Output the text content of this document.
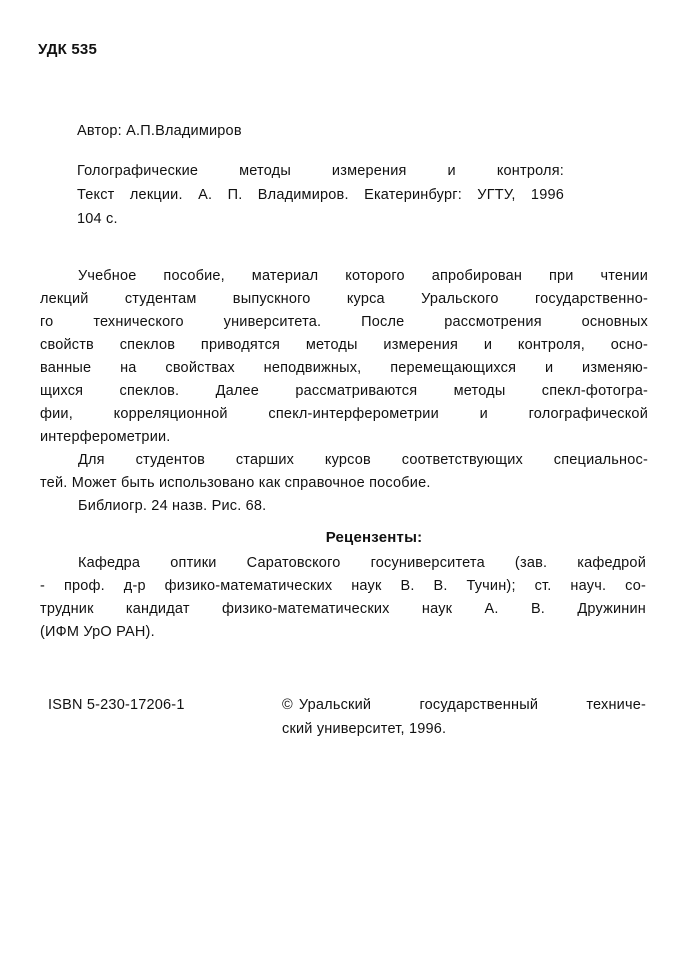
УДК 535
Автор: А.П.Владимиров
Голографические методы измерения и контроля:
Текст лекции. А. П. Владимиров. Екатеринбург: УГТУ, 1996
104 с.
Учебное пособие, материал которого апробирован при чтении
лекций студентам выпускного курса Уральского государственно-
го технического университета. После рассмотрения основных
свойств спеклов приводятся методы измерения и контроля, осно-
ванные на свойствах неподвижных, перемещающихся и изменяю-
щихся спеклов. Далее рассматриваются методы спекл-фотогра-
фии, корреляционной спекл-интерферометрии и голографической
интерферометрии.
Для студентов старших курсов соответствующих специальнос-
тей. Может быть использовано как справочное пособие.
Библиогр. 24 назв. Рис. 68.
Рецензенты:
Кафедра оптики Саратовского госуниверситета (зав. кафедрой
- проф. д-р физико-математических наук В. В. Тучин); ст. науч. со-
трудник кандидат физико-математических наук А. В. Дружинин
(ИФМ УрО РАН).
ISBN 5-230-17206-1	© Уральский государственный техниче-
ский университет, 1996.
